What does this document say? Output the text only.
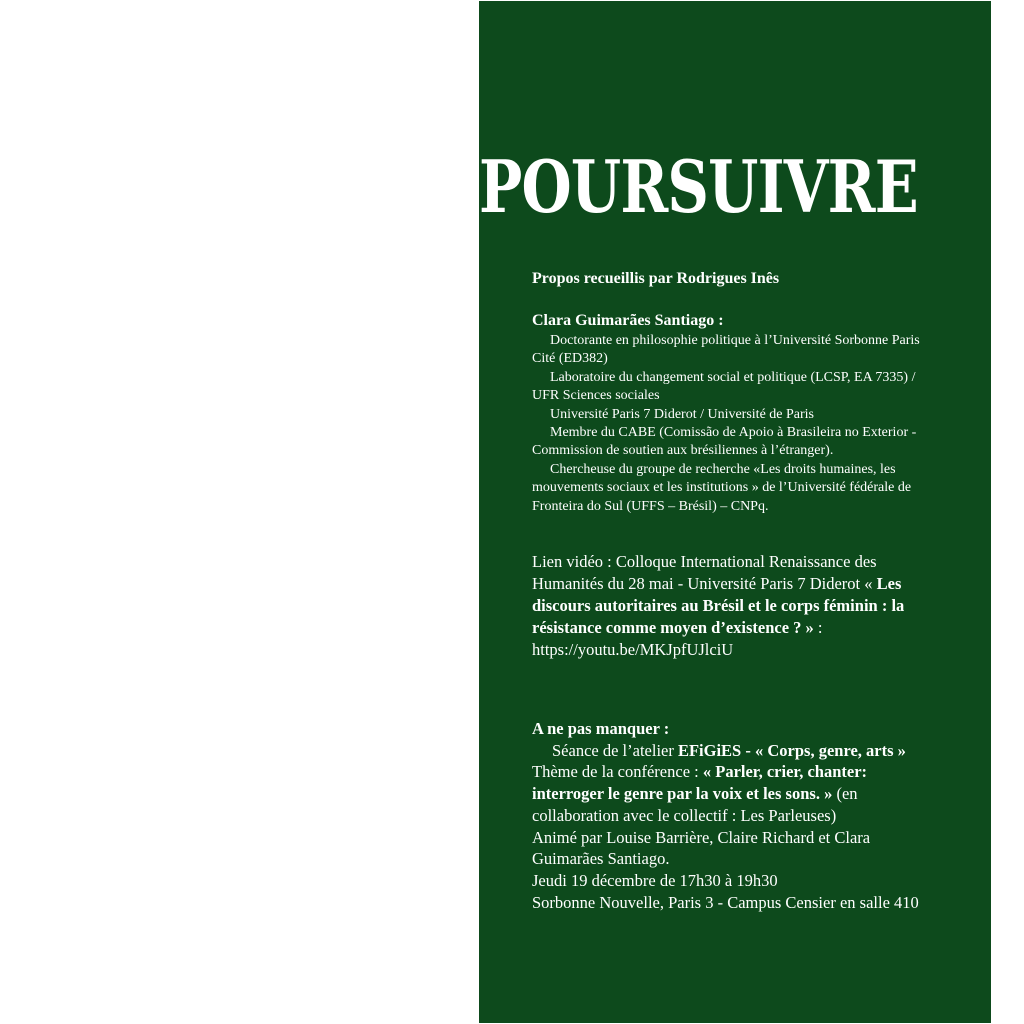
POURSUIVRE

Propos recueillis par Rodrigues Inês

Clara Guimarães Santiago :

Doctorante en philosophie politique à l’Université Sorbonne Paris Cité (ED382)

Laboratoire du changement social et politique (LCSP, EA 7335) / UFR Sciences sociales

Université Paris 7 Diderot / Université de Paris

Membre du CABE (Comissão de Apoio à Brasileira no Exterior - Commission de soutien aux brésiliennes à l’étranger).

Chercheuse du groupe de recherche «Les droits humaines, les mouvements sociaux et les institutions » de l’Université fédérale de Fronteira do Sul (UFFS – Brésil) – CNPq.

Lien vidéo : Colloque International Renaissance des Humanités du 28 mai - Université Paris 7 Diderot « Les discours autoritaires au Brésil et le corps féminin : la résistance comme moyen d’existence ? » : https://youtu.be/MKJpfUJlciU

A ne pas manquer :

Séance de l’atelier EFiGiES - « Corps, genre, arts »

Thème de la conférence : « Parler, crier, chanter: interroger le genre par la voix et les sons. » (en collaboration avec le collectif : Les Parleuses)

Animé par Louise Barrière, Claire Richard et Clara Guimarães Santiago.

Jeudi 19 décembre de 17h30 à 19h30

Sorbonne Nouvelle, Paris 3 - Campus Censier en salle 410
